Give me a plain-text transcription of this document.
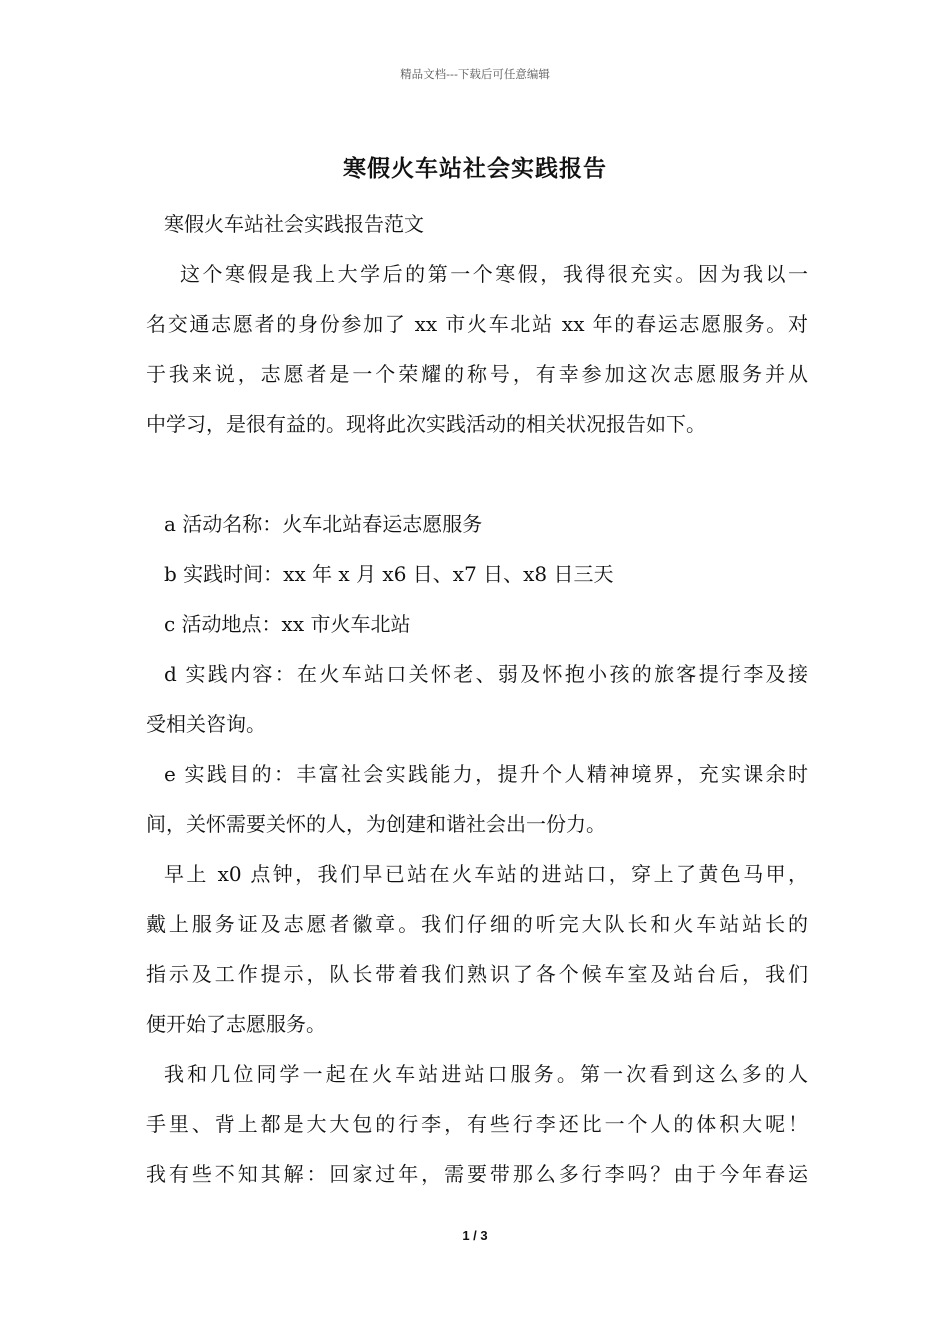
精品文档---下载后可任意编辑
寒假火车站社会实践报告
寒假火车站社会实践报告范文
这个寒假是我上大学后的第一个寒假，我得很充实。因为我以一
名交通志愿者的身份参加了 xx 市火车北站 xx 年的春运志愿服务。对
于我来说，志愿者是一个荣耀的称号，有幸参加这次志愿服务并从
中学习，是很有益的。现将此次实践活动的相关状况报告如下。
a 活动名称：火车北站春运志愿服务
b 实践时间：xx 年 x 月 x6 日、x7 日、x8 日三天
c 活动地点：xx 市火车北站
d 实践内容：在火车站口关怀老、弱及怀抱小孩的旅客提行李及接
受相关咨询。
e 实践目的：丰富社会实践能力，提升个人精神境界，充实课余时
间，关怀需要关怀的人，为创建和谐社会出一份力。
早上 x0 点钟，我们早已站在火车站的进站口，穿上了黄色马甲，
戴上服务证及志愿者徽章。我们仔细的听完大队长和火车站站长的
指示及工作提示，队长带着我们熟识了各个候车室及站台后，我们
便开始了志愿服务。
我和几位同学一起在火车站进站口服务。第一次看到这么多的人
手里、背上都是大大包的行李，有些行李还比一个人的体积大呢！
我有些不知其解：回家过年，需要带那么多行李吗？由于今年春运
1 / 3
